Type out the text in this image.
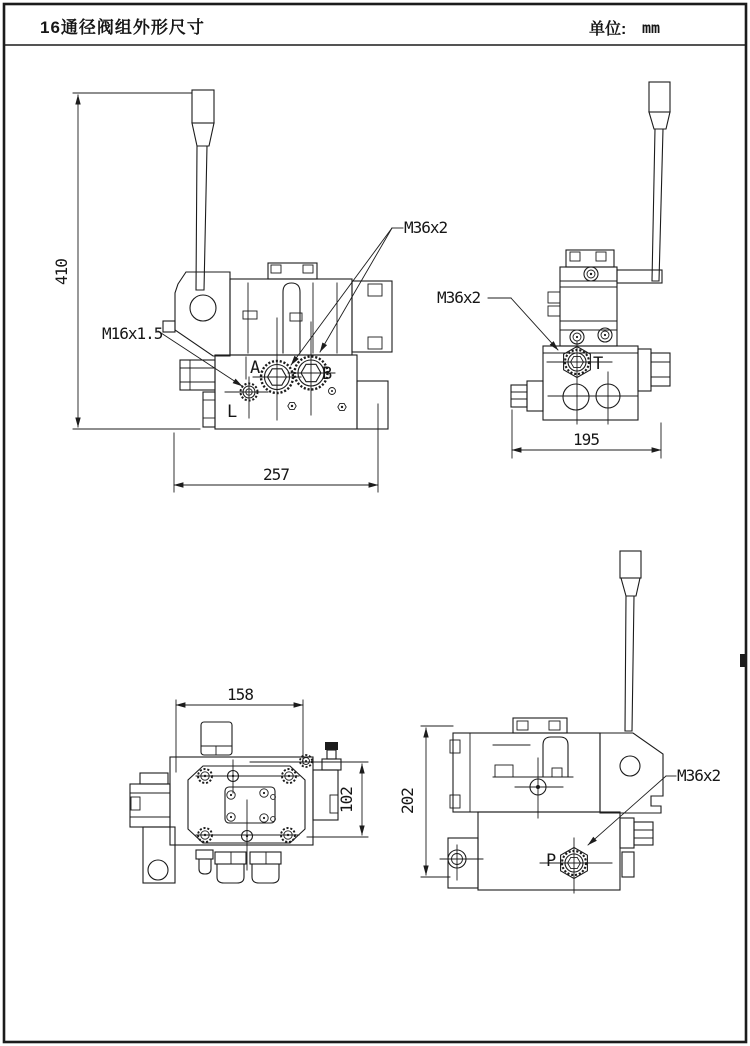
16通径阀组外形尺寸	单位: mm
A	B
L
M16x1.5
M36x2
410
257
T
M36x2
195
158
102
P
M36x2
202
